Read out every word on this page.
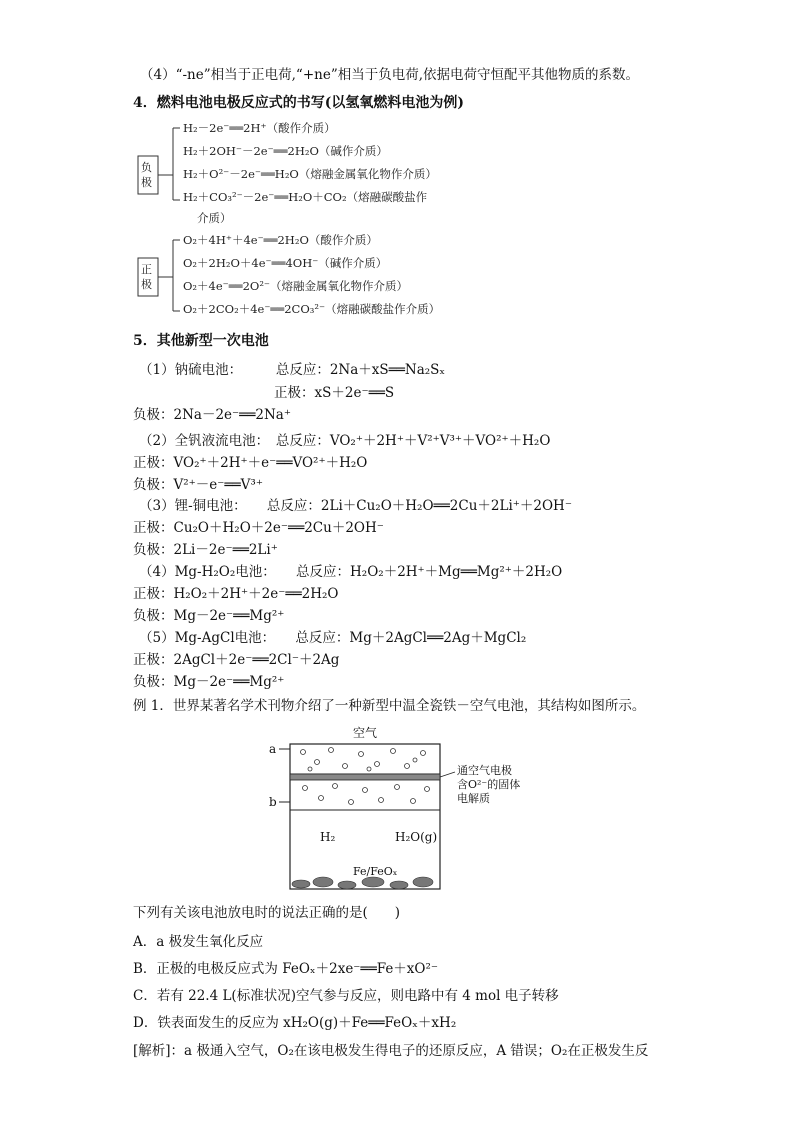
（4）“-ne”相当于正电荷,“+ne”相当于负电荷,依据电荷守恒配平其他物质的系数。
4．燃料电池电极反应式的书写(以氢氧燃料电池为例)
负极
正极
H₂－2e⁻══2H⁺（酸作介质）
H₂＋2OH⁻－2e⁻══2H₂O（碱作介质）
H₂＋O²⁻－2e⁻══H₂O（熔融金属氧化物作介质）
H₂＋CO₃²⁻－2e⁻══H₂O＋CO₂（熔融碳酸盐作
介质）
O₂＋4H⁺＋4e⁻══2H₂O（酸作介质）
O₂＋2H₂O＋4e⁻══4OH⁻（碱作介质）
O₂＋4e⁻══2O²⁻（熔融金属氧化物作介质）
O₂＋2CO₂＋4e⁻══2CO₃²⁻（熔融碳酸盐作介质）
5．其他新型一次电池
（1）钠硫电池：　　　总反应：2Na＋xS══Na₂Sₓ
　　　　　　　　　　正极：xS＋2e⁻══S
负极：2Na－2e⁻══2Na⁺
（2）全钒液流电池：　总反应：VO₂⁺＋2H⁺＋V²⁺V³⁺＋VO²⁺＋H₂O
正极：VO₂⁺＋2H⁺＋e⁻══VO²⁺＋H₂O
负极：V²⁺－e⁻══V³⁺
（3）锂-铜电池：　　总反应：2Li＋Cu₂O＋H₂O══2Cu＋2Li⁺＋2OH⁻
正极：Cu₂O＋H₂O＋2e⁻══2Cu＋2OH⁻
负极：2Li－2e⁻══2Li⁺
（4）Mg-H₂O₂电池：　　总反应：H₂O₂＋2H⁺＋Mg══Mg²⁺＋2H₂O
正极：H₂O₂＋2H⁺＋2e⁻══2H₂O
负极：Mg－2e⁻══Mg²⁺
（5）Mg-AgCl电池：　　总反应：Mg＋2AgCl══2Ag＋MgCl₂
正极：2AgCl＋2e⁻══2Cl⁻＋2Ag
负极：Mg－2e⁻══Mg²⁺
例 1．世界某著名学术刊物介绍了一种新型中温全瓷铁－空气电池，其结构如图所示。
空气
a
b
通空气电极
含O²⁻的固体
电解质
H₂	H₂O(g)
Fe/FeOₓ
下列有关该电池放电时的说法正确的是(　　)
A．a 极发生氧化反应
B．正极的电极反应式为 FeOₓ＋2xe⁻══Fe＋xO²⁻
C．若有 22.4 L(标准状况)空气参与反应，则电路中有 4 mol 电子转移
D．铁表面发生的反应为 xH₂O(g)＋Fe══FeOₓ＋xH₂
[解析]：a 极通入空气，O₂在该电极发生得电子的还原反应，A 错误；O₂在正极发生反
